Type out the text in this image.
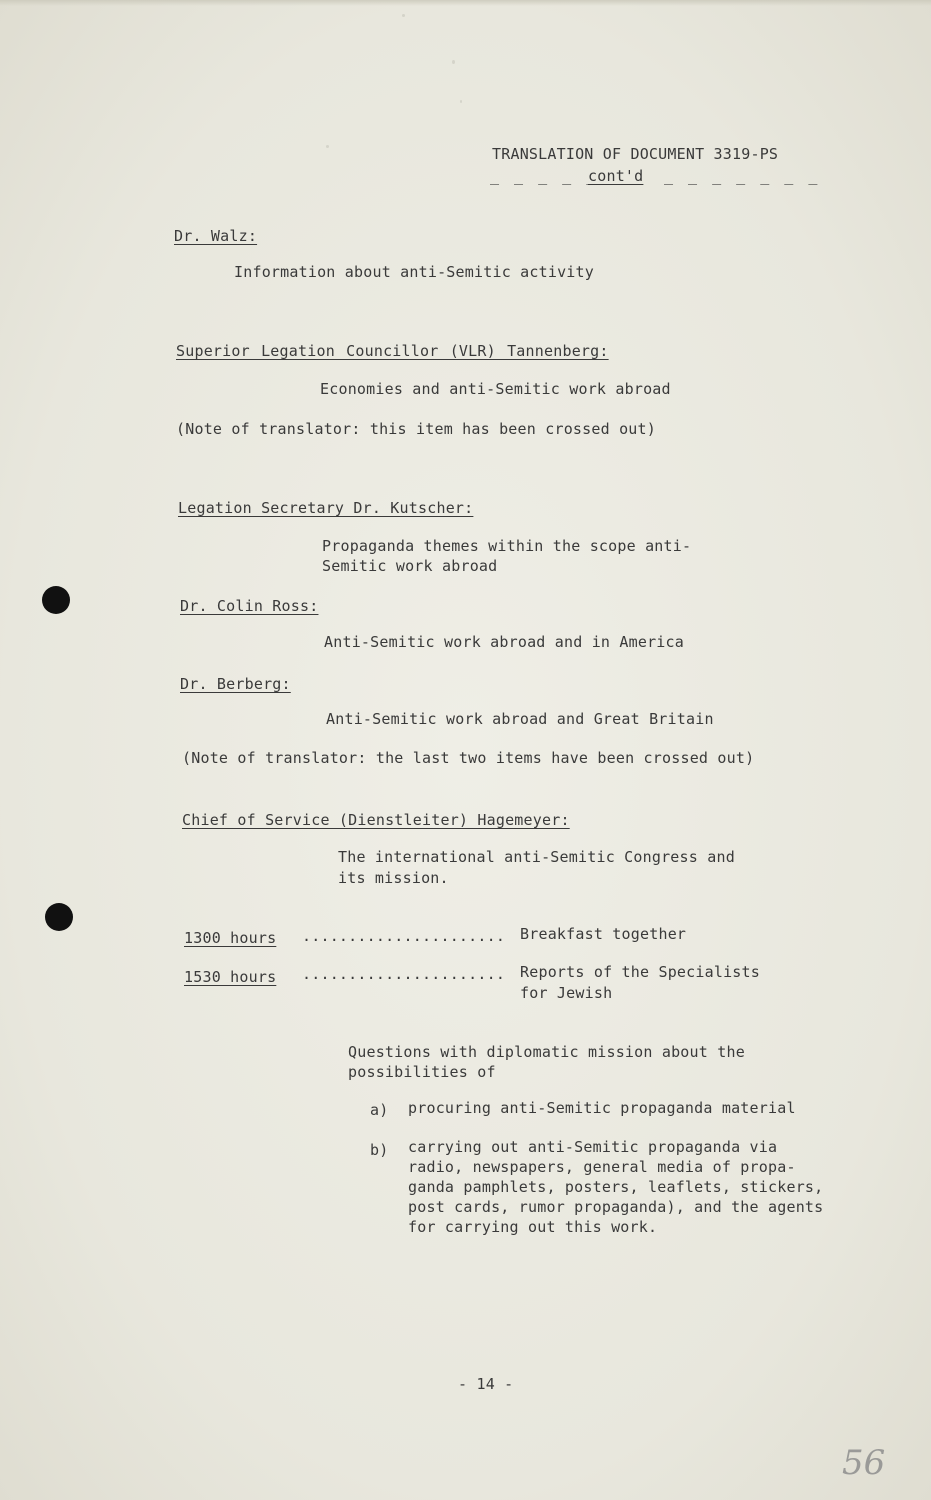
TRANSLATION OF DOCUMENT 3319-PS
_ _ _ _ _
cont'd _ _ _ _ _ _ _
Dr. Walz:
Information about anti-Semitic activity
Superior Legation Councillor (VLR) Tannenberg:
Economies and anti-Semitic work abroad
(Note of translator: this item has been crossed out)
Legation Secretary Dr. Kutscher:
Propaganda themes within the scope anti-
Semitic work abroad
Dr. Colin Ross:
Anti-Semitic work abroad and in America
Dr. Berberg:
Anti-Semitic work abroad and Great Britain
(Note of translator: the last two items have been crossed out)
Chief of Service (Dienstleiter) Hagemeyer:
The international anti-Semitic Congress and
its mission.
1300 hours ...................... Breakfast together
1530 hours ...................... Reports of the Specialists
for Jewish
Questions with diplomatic mission about the
possibilities of
a) procuring anti-Semitic propaganda material
b) carrying out anti-Semitic propaganda via
radio, newspapers, general media of propa-
ganda pamphlets, posters, leaflets, stickers,
post cards, rumor propaganda), and the agents
for carrying out this work.
- 14 -
56
